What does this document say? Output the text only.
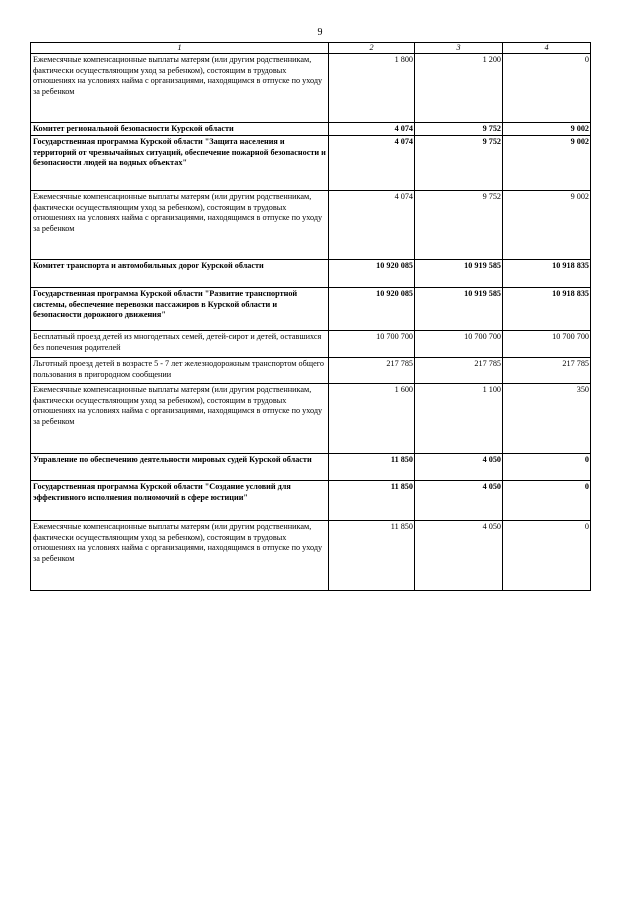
9
1	2	3	4
Ежемесячные компенсационные выплаты матерям (или другим родственникам, фактически осуществляющим уход за ребенком), состоящим в трудовых отношениях на условиях найма с организациями, находящимся в отпуске по уходу за ребенком	1 800	1 200	0
Комитет региональной безопасности Курской области	4 074	9 752	9 002
Государственная программа Курской области "Защита населения и территорий от чрезвычайных ситуаций, обеспечение пожарной безопасности и безопасности людей на водных объектах"	4 074	9 752	9 002
Ежемесячные компенсационные выплаты матерям (или другим родственникам, фактически осуществляющим уход за ребенком), состоящим в трудовых отношениях на условиях найма с организациями, находящимся в отпуске по уходу за ребенком	4 074	9 752	9 002
Комитет транспорта и автомобильных дорог Курской области	10 920 085	10 919 585	10 918 835
Государственная программа Курской области "Развитие транспортной системы, обеспечение перевозки пассажиров в Курской области и безопасности дорожного движения"	10 920 085	10 919 585	10 918 835
Бесплатный проезд детей из многодетных семей, детей-сирот и детей, оставшихся без попечения родителей	10 700 700	10 700 700	10 700 700
Льготный проезд детей в возрасте 5 - 7 лет железнодорожным транспортом общего пользования в пригородном сообщении	217 785	217 785	217 785
Ежемесячные компенсационные выплаты матерям (или другим родственникам, фактически осуществляющим уход за ребенком), состоящим в трудовых отношениях на условиях найма с организациями, находящимся в отпуске по уходу за ребенком	1 600	1 100	350
Управление по обеспечению деятельности мировых судей Курской области	11 850	4 050	0
Государственная программа Курской области "Создание условий для эффективного исполнения полномочий в сфере юстиции"	11 850	4 050	0
Ежемесячные компенсационные выплаты матерям (или другим родственникам, фактически осуществляющим уход за ребенком), состоящим в трудовых отношениях на условиях найма с организациями, находящимся в отпуске по уходу за ребенком	11 850	4 050	0
